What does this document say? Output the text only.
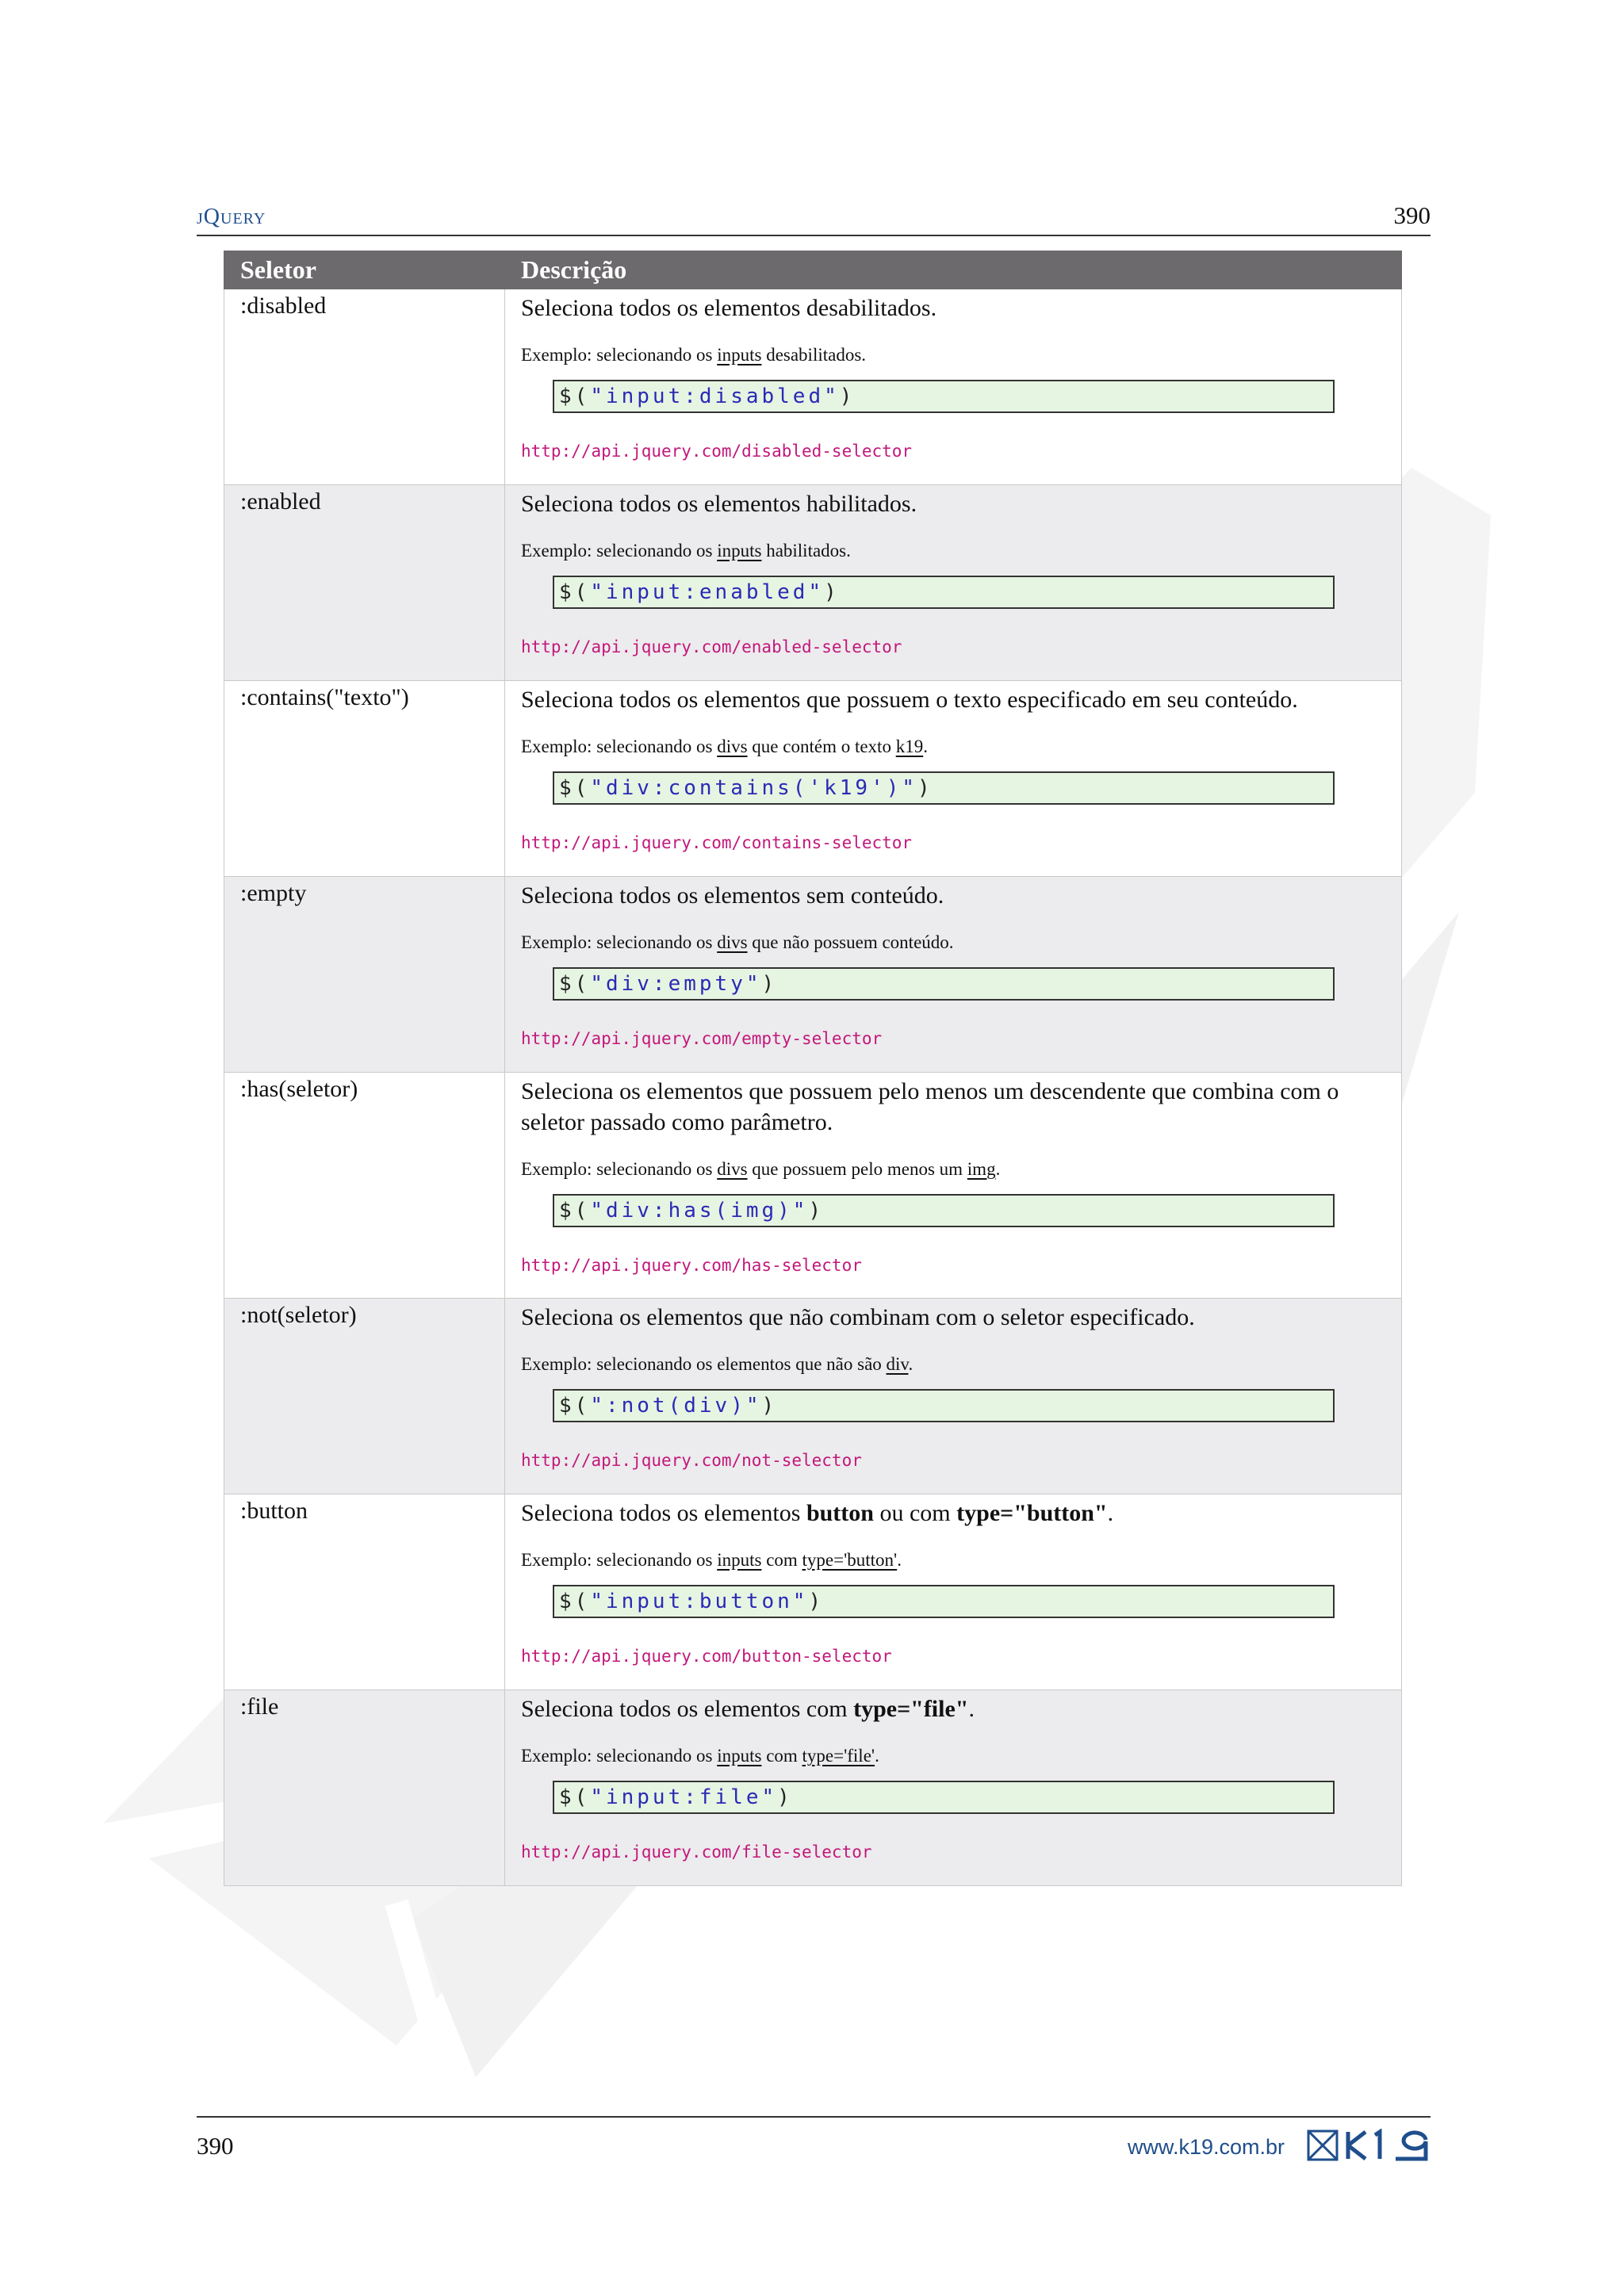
jQuery	390
Seletor	Descrição
:disabled	Seleciona todos os elementos desabilitados.
Exemplo: selecionando os inputs desabilitados.
$("input:disabled")
http://api.jquery.com/disabled-selector

:enabled	Seleciona todos os elementos habilitados.
Exemplo: selecionando os inputs habilitados.
$("input:enabled")
http://api.jquery.com/enabled-selector

:contains("texto")	Seleciona todos os elementos que possuem o texto especificado em seu conteúdo.
Exemplo: selecionando os divs que contém o texto k19.
$("div:contains('k19')")
http://api.jquery.com/contains-selector

:empty	Seleciona todos os elementos sem conteúdo.
Exemplo: selecionando os divs que não possuem conteúdo.
$("div:empty")
http://api.jquery.com/empty-selector

:has(seletor)	Seleciona os elementos que possuem pelo menos um descendente que combina com o seletor passado como parâmetro.
Exemplo: selecionando os divs que possuem pelo menos um img.
$("div:has(img)")
http://api.jquery.com/has-selector

:not(seletor)	Seleciona os elementos que não combinam com o seletor especificado.
Exemplo: selecionando os elementos que não são div.
$(":not(div)")
http://api.jquery.com/not-selector

:button	Seleciona todos os elementos button ou com type="button".
Exemplo: selecionando os inputs com type='button'.
$("input:button")
http://api.jquery.com/button-selector

:file	Seleciona todos os elementos com type="file".
Exemplo: selecionando os inputs com type='file'.
$("input:file")
http://api.jquery.com/file-selector
390	www.k19.com.br
